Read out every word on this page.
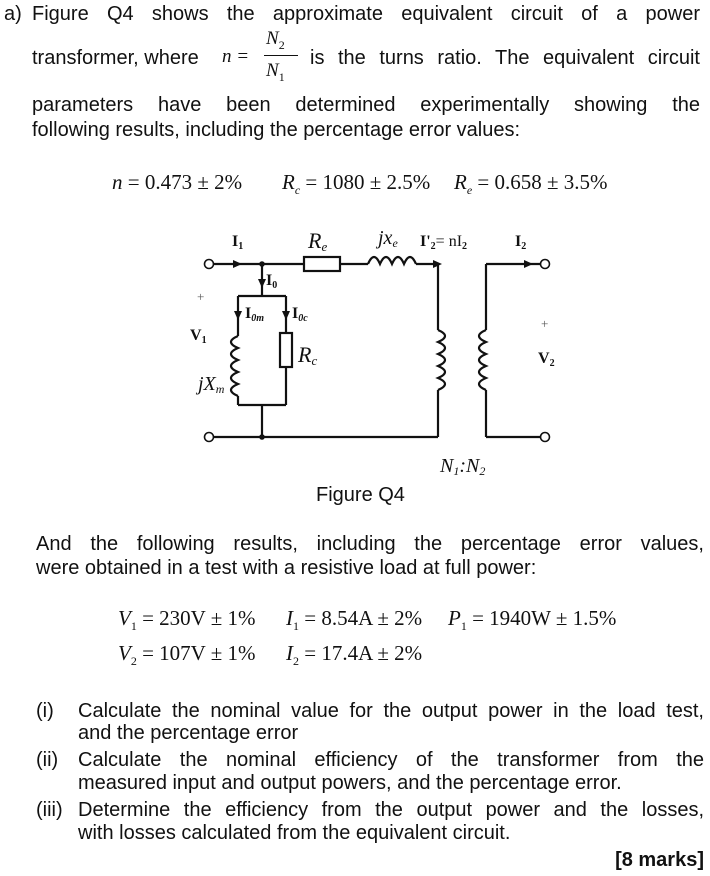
a) Figure Q4 shows the approximate equivalent circuit of a power
transformer, where n =
$N_2$
$N_1$
is the turns ratio. The equivalent circuit
parameters have been determined experimentally showing the
following results, including the percentage error values:
n = 0.473 ± 2% $R_c = 1080 \pm 2.5\%$ $R_e = 0.658 \pm 3.5\%$
I1	Re	jxe I'2= nI2	I2
I0
I0m I0c
V1
Rc
jXm
V2
+
+
N1:N2
Figure Q4
And the following results, including the percentage error values,
were obtained in a test with a resistive load at full power:
$V_1 = 230V \pm 1\%$ $I_1 = 8.54A \pm 2\%$ $P_1 = 1940W \pm 1.5\%$
$V_2 = 107V \pm 1\%$ $I_2 = 17.4A \pm 2\%$
(i) Calculate the nominal value for the output power in the load test,
and the percentage error
(ii) Calculate the nominal efficiency of the transformer from the
measured input and output powers, and the percentage error.
(iii) Determine the efficiency from the output power and the losses,
with losses calculated from the equivalent circuit.
[8 marks]
